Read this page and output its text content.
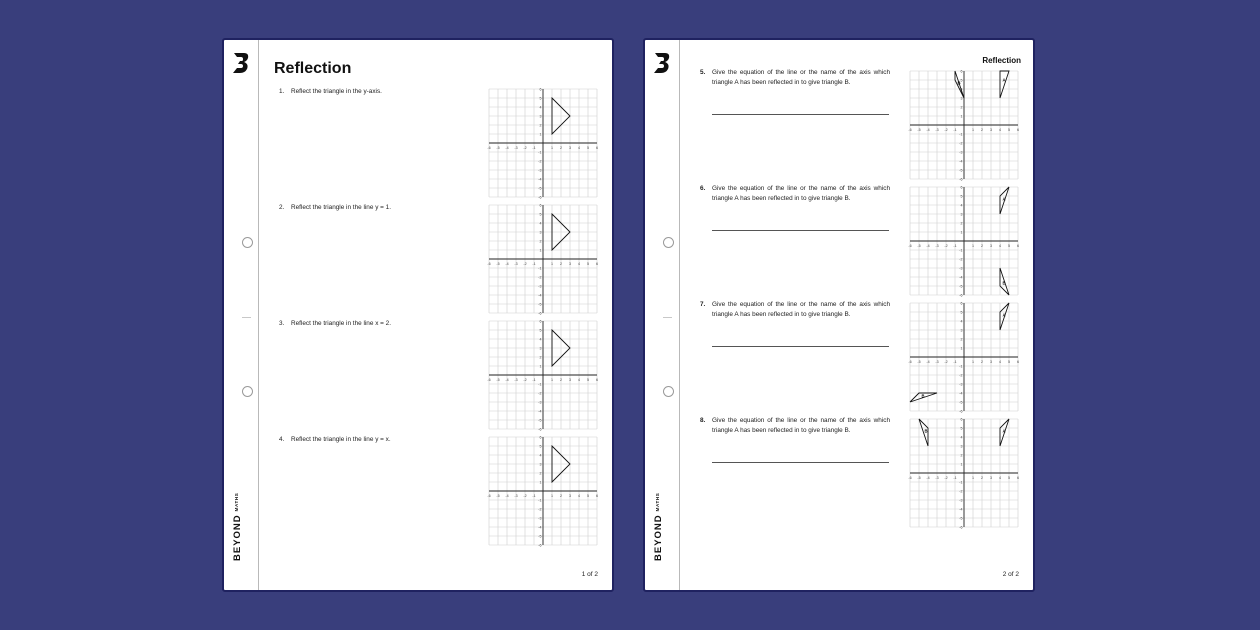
$BEYOND^{MATHS}$
Reflection
1. Reflect the triangle in the y-axis.
2. Reflect the triangle in the line y = 1.
3. Reflect the triangle in the line x = 2.
4. Reflect the triangle in the line y = x.
-6
-6
-5
-5
-4
-4
-3
-3
-2
-2
-1
-1
1
1
2
2
3
3
4
4
5
5
6
6
-6
-6
-5
-5
-4
-4
-3
-3
-2
-2
-1
-1
1
1
2
2
3
3
4
4
5
5
6
6
-6
-6
-5
-5
-4
-4
-3
-3
-2
-2
-1
-1
1
1
2
2
3
3
4
4
5
5
6
6
-6
-6
-5
-5
-4
-4
-3
-3
-2
-2
-1
-1
1
1
2
2
3
3
4
4
5
5
6
6
1 of 2
$BEYOND^{MATHS}$
Reflection
5. Give the equation of the line or the name of the axis which triangle A has been reflected in to give triangle B.
6. Give the equation of the line or the name of the axis which triangle A has been reflected in to give triangle B.
7. Give the equation of the line or the name of the axis which triangle A has been reflected in to give triangle B.
8. Give the equation of the line or the name of the axis which triangle A has been reflected in to give triangle B.
-6
-6
-5
-5
-4
-4
-3
-3
-2
-2
-1
-1
1
1
2
2
3
3
4
4
5
5
6
6
A
B
-6
-6
-5
-5
-4
-4
-3
-3
-2
-2
-1
-1
1
1
2
2
3
3
4
4
5
5
6
6
A
B
-6
-6
-5
-5
-4
-4
-3
-3
-2
-2
-1
-1
1
1
2
2
3
3
4
4
5
5
6
6
A
B
-6
-6
-5
-5
-4
-4
-3
-3
-2
-2
-1
-1
1
1
2
2
3
3
4
4
5
5
6
6
A
B
2 of 2
